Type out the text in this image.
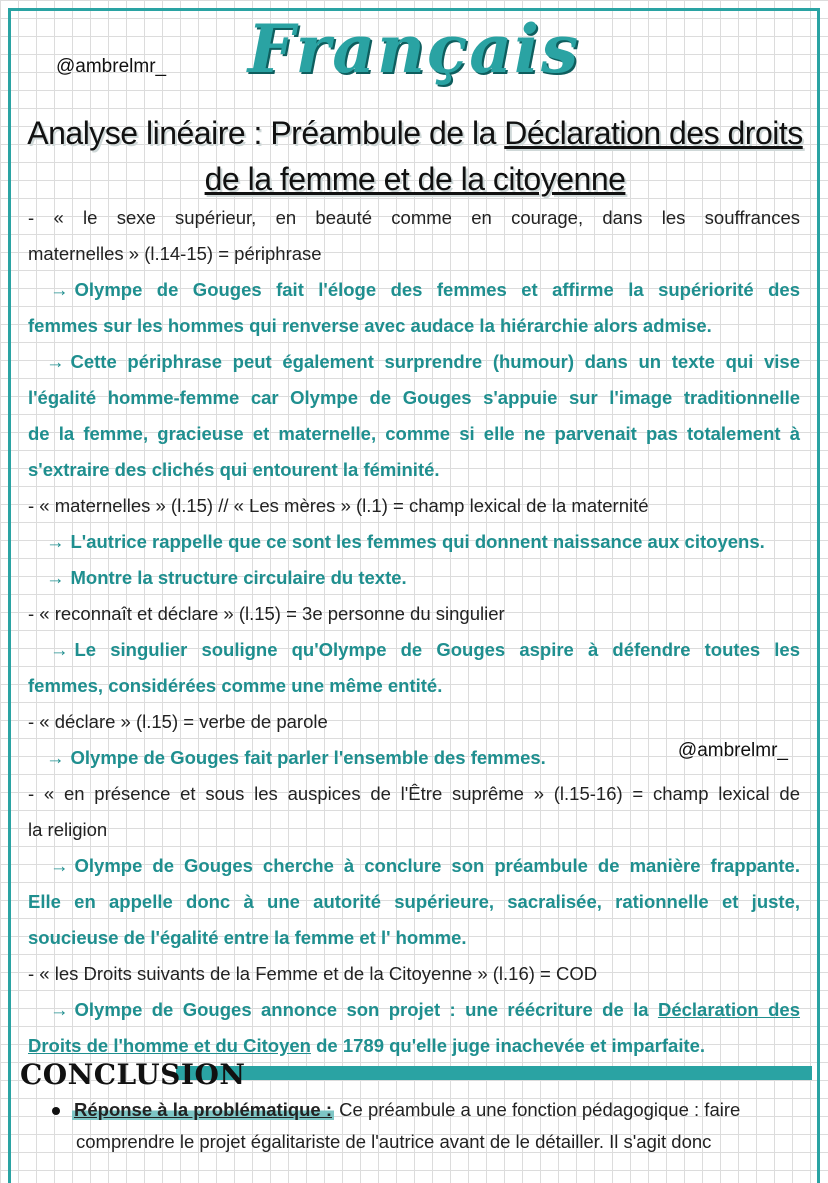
@ambrelmr_	Français
Analyse linéaire : Préambule de la Déclaration des droits de la femme et de la citoyenne
- « le sexe supérieur, en beauté comme en courage, dans les souffrances
maternelles » (l.14-15) = périphrase
→ Olympe de Gouges fait l'éloge des femmes et affirme la supériorité des
femmes sur les hommes qui renverse avec audace la hiérarchie alors admise.
→ Cette périphrase peut également surprendre (humour) dans un texte qui vise
l'égalité homme-femme car Olympe de Gouges s'appuie sur l'image traditionnelle
de la femme, gracieuse et maternelle, comme si elle ne parvenait pas totalement à
s'extraire des clichés qui entourent la féminité.
- « maternelles » (l.15) // « Les mères » (l.1) = champ lexical de la maternité
→ L'autrice rappelle que ce sont les femmes qui donnent naissance aux citoyens.
→ Montre la structure circulaire du texte.
- « reconnaît et déclare » (l.15) = 3e personne du singulier
→ Le singulier souligne qu'Olympe de Gouges aspire à défendre toutes les
femmes, considérées comme une même entité.
- « déclare » (l.15) = verbe de parole
→ Olympe de Gouges fait parler l'ensemble des femmes.
- « en présence et sous les auspices de l'Être suprême » (l.15-16) = champ lexical de
la religion
→ Olympe de Gouges cherche à conclure son préambule de manière frappante.
Elle en appelle donc à une autorité supérieure, sacralisée, rationnelle et juste,
soucieuse de l'égalité entre la femme et l' homme.
- « les Droits suivants de la Femme et de la Citoyenne » (l.16) = COD
→ Olympe de Gouges annonce son projet : une réécriture de la Déclaration des
Droits de l'homme et du Citoyen de 1789 qu'elle juge inachevée et imparfaite.
@ambrelmr_
CONCLUSION
Réponse à la problématique : Ce préambule a une fonction pédagogique : faire
comprendre le projet égalitariste de l'autrice avant de le détailler. Il s'agit donc
